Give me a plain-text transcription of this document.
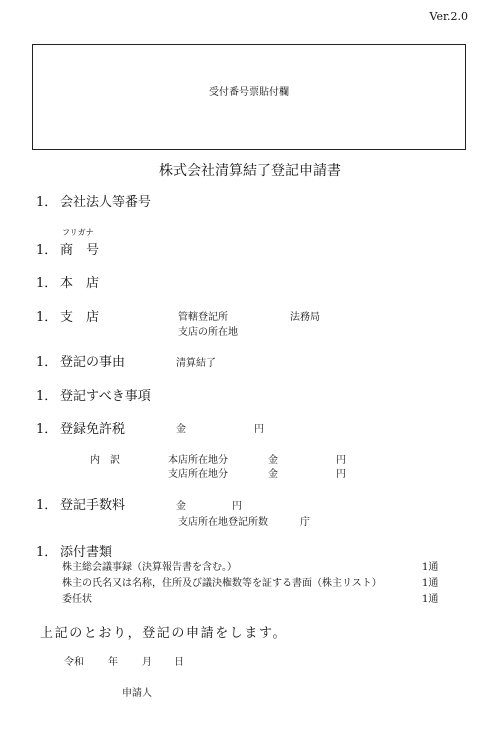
Ver.2.0
受付番号票貼付欄
株式会社清算結了登記申請書
1． 会社法人等番号
フリガナ
1． 商　号
1． 本　店
1． 支　店	管轄登記所	法務局
支店の所在地
1． 登記の事由	清算結了
1． 登記すべき事項
1． 登録免許税	金	円
内　訳	本店所在地分	金	円
支店所在地分	金	円
1． 登記手数料	金	円
支店所在地登記所数	庁
1． 添付書類
株主総会議事録（決算報告書を含む。）	1通
株主の氏名又は名称，住所及び議決権数等を証する書面（株主リスト）	1通
委任状	1通
上記のとおり，登記の申請をします。
令和 年 月 日
申請人
